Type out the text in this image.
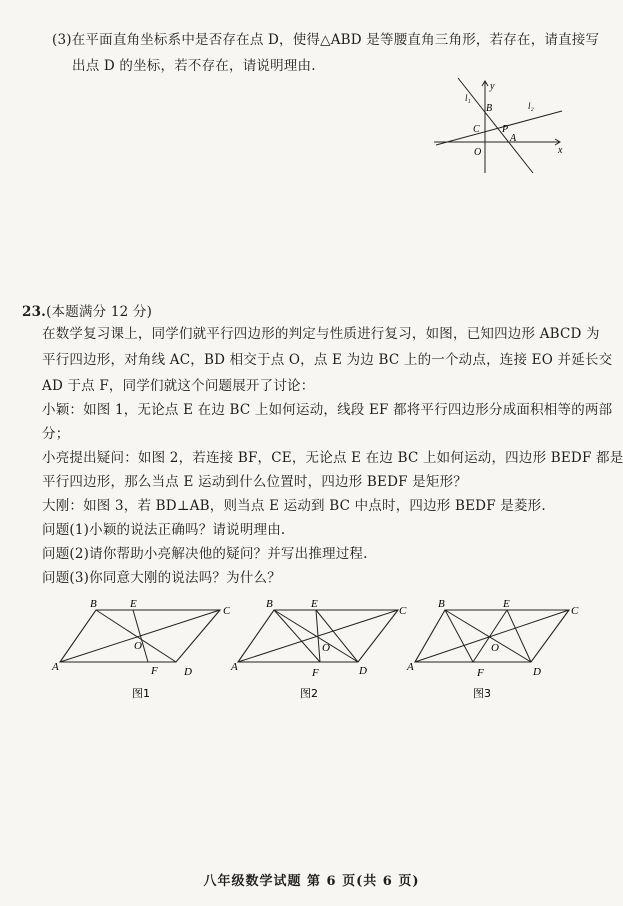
(3)在平面直角坐标系中是否存在点 D，使得△ABD 是等腰直角三角形，若存在，请直接写
出点 D 的坐标，若不存在，请说明理由.
y
x
O
A
B
C P
l₁
l₂
23.(本题满分 12 分)
在数学复习课上，同学们就平行四边形的判定与性质进行复习，如图，已知四边形 ABCD 为
平行四边形，对角线 AC，BD 相交于点 O，点 E 为边 BC 上的一个动点，连接 EO 并延长交
AD 于点 F，同学们就这个问题展开了讨论：
小颖：如图 1，无论点 E 在边 BC 上如何运动，线段 EF 都将平行四边形分成面积相等的两部
分；
小亮提出疑问：如图 2，若连接 BF，CE，无论点 E 在边 BC 上如何运动，四边形 BEDF 都是
平行四边形，那么当点 E 运动到什么位置时，四边形 BEDF 是矩形？
大刚：如图 3，若 BD⊥AB，则当点 E 运动到 BC 中点时，四边形 BEDF 是菱形.
问题(1)小颖的说法正确吗？请说明理由.
问题(2)请你帮助小亮解决他的疑问？并写出推理过程.
问题(3)你同意大刚的说法吗？为什么？
B	E
C
A	F D
O
图1
B	E
C
A	F	D
O
图2
B	E
C
A	F	D
O
图3
八年级数学试题 第 6 页(共 6 页)
